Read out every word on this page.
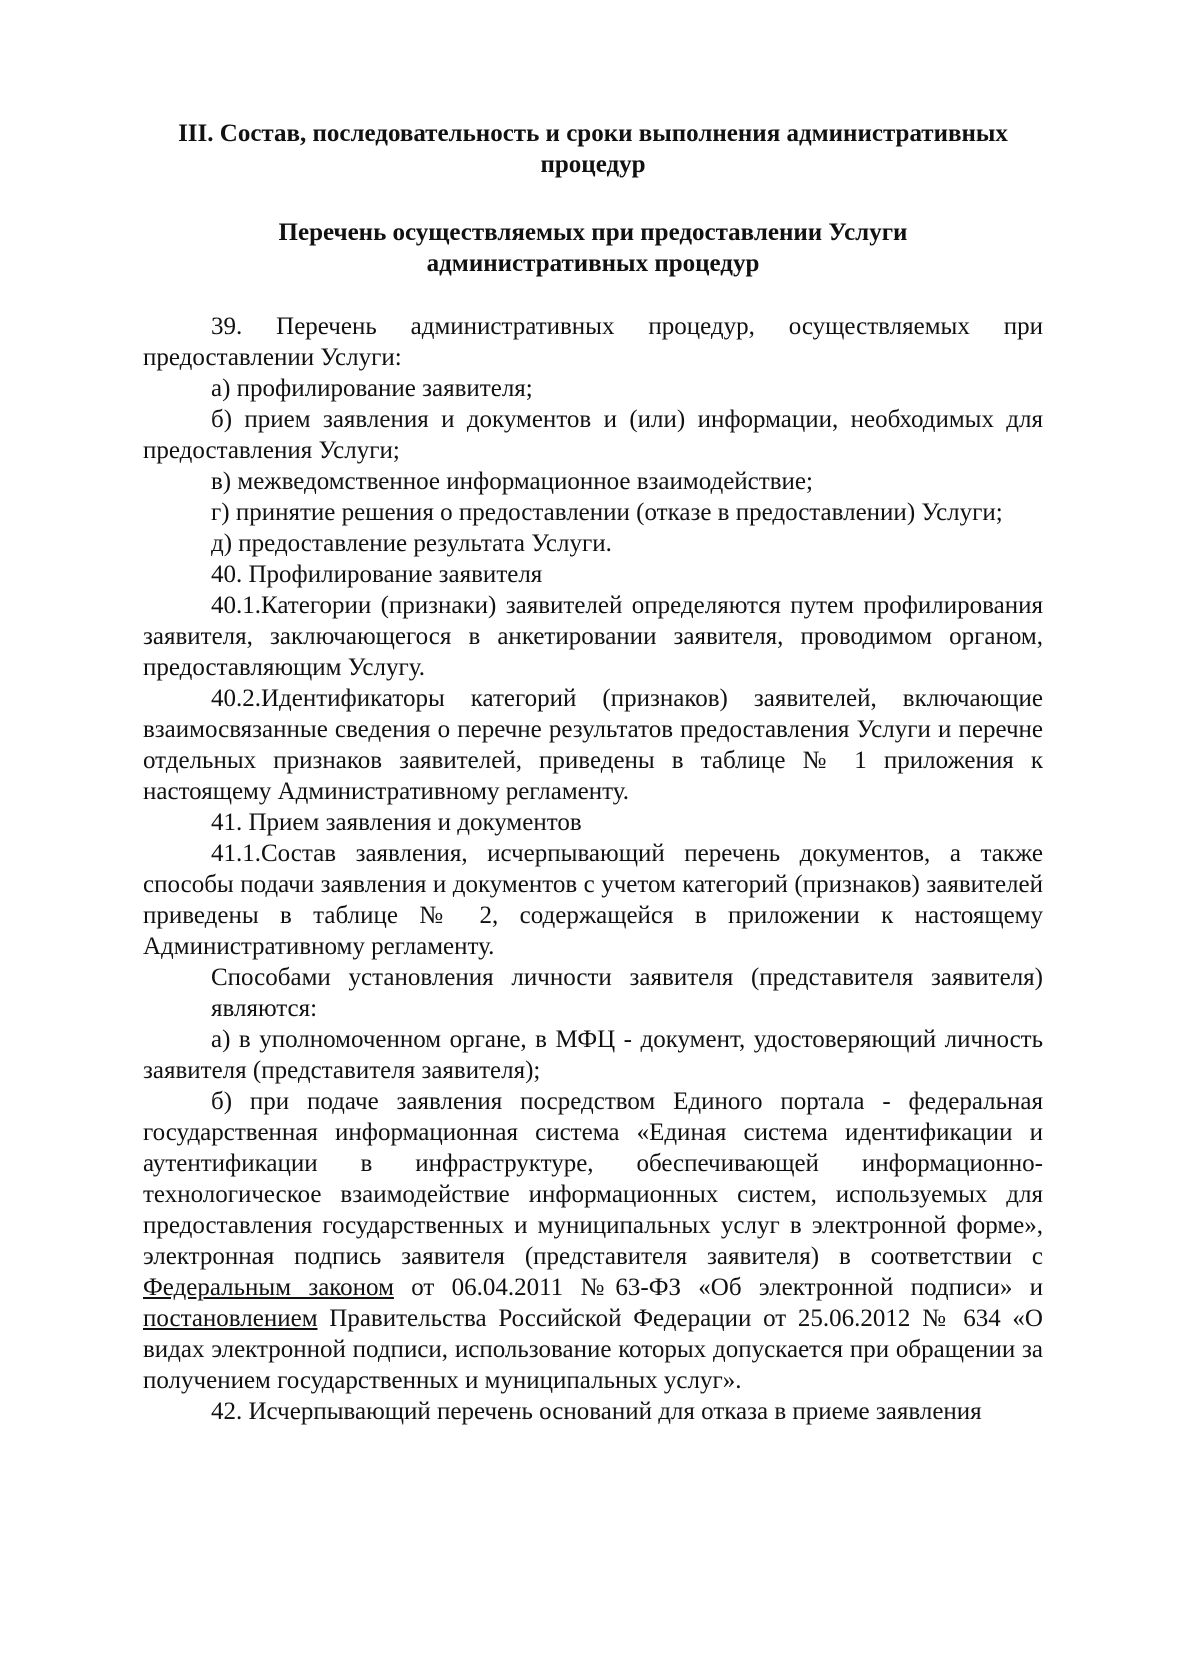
III. Состав, последовательность и сроки выполнения административных
процедур
Перечень осуществляемых при предоставлении Услуги
административных процедур

39. Перечень административных процедур, осуществляемых при предоставлении Услуги:

а) профилирование заявителя;

б) прием заявления и документов и (или) информации, необходимых для предоставления Услуги;

в) межведомственное информационное взаимодействие;

г) принятие решения о предоставлении (отказе в предоставлении) Услуги;

д) предоставление результата Услуги.

40. Профилирование заявителя

40.1.Категории (признаки) заявителей определяются путем профилирования заявителя, заключающегося в анкетировании заявителя, проводимом органом, предоставляющим Услугу.

40.2.Идентификаторы категорий (признаков) заявителей, включающие взаимосвязанные сведения о перечне результатов предоставления Услуги и перечне отдельных признаков заявителей, приведены в таблице № 1 приложения к настоящему Административному регламенту.

41. Прием заявления и документов

41.1.Состав заявления, исчерпывающий перечень документов, а также способы подачи заявления и документов с учетом категорий (признаков) заявителей приведены в таблице № 2, содержащейся в приложении к настоящему Административному регламенту.

Способами установления личности заявителя (представителя заявителя) являются:

а) в уполномоченном органе, в МФЦ - документ, удостоверяющий личность заявителя (представителя заявителя);

б) при подаче заявления посредством Единого портала - федеральная государственная информационная система «Единая система идентификации и аутентификации в инфраструктуре, обеспечивающей информационно-технологическое взаимодействие информационных систем, используемых для предоставления государственных и муниципальных услуг в электронной форме», электронная подпись заявителя (представителя заявителя) в соответствии с Федеральным законом от 06.04.2011 №63-ФЗ «Об электронной подписи» и постановлением Правительства Российской Федерации от 25.06.2012 № 634 «О видах электронной подписи, использование которых допускается при обращении за получением государственных и муниципальных услуг».

42. Исчерпывающий перечень оснований для отказа в приеме заявления
